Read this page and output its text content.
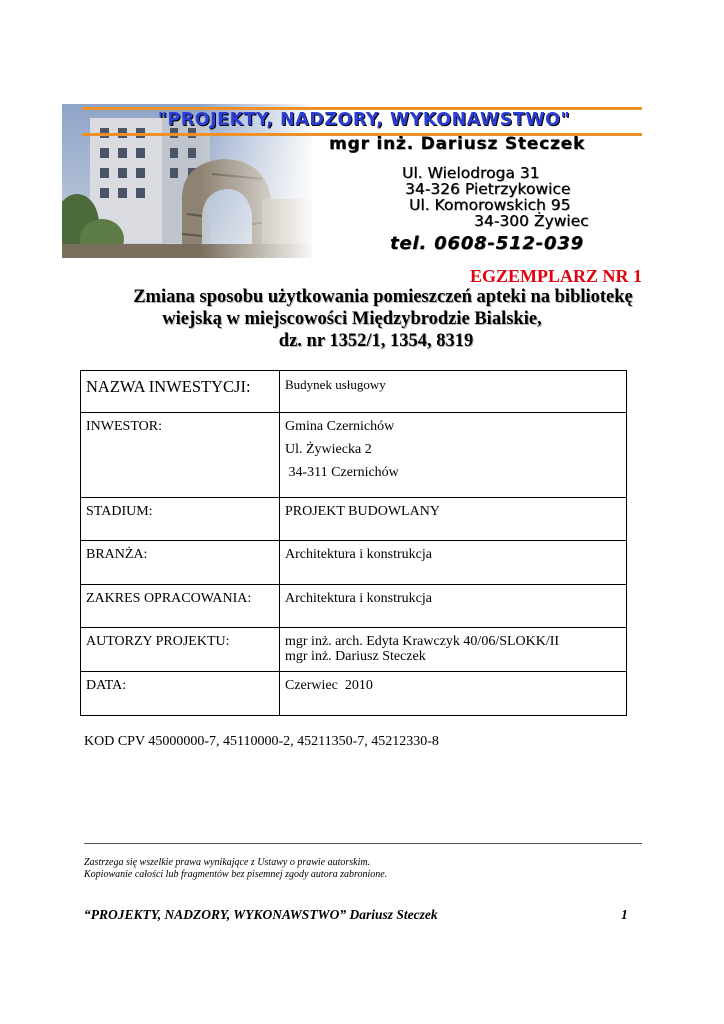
"PROJEKTY, NADZORY, WYKONAWSTWO"
mgr inż. Dariusz Steczek
Ul. Wielodroga 31
34-326 Pietrzykowice
Ul. Komorowskich 95
34-300 Żywiec
tel. 0608-512-039
EGZEMPLARZ NR 1
Zmiana sposobu użytkowania pomieszczeń apteki na bibliotekę
wiejską w miejscowości Międzybrodzie Bialskie,
dz. nr 1352/1, 1354, 8319
NAZWA INWESTYCJI:	Budynek usługowy
INWESTOR:	Gmina Czernichów
Ul. Żywiecka 2
34-311 Czernichów

STADIUM:	PROJEKT BUDOWLANY
BRANŻA:	Architektura i konstrukcja
ZAKRES OPRACOWANIA:	Architektura i konstrukcja
AUTORZY PROJEKTU:	mgr inż. arch. Edyta Krawczyk 40/06/SLOKK/II
mgr inż. Dariusz Steczek

DATA:	Czerwiec  2010
KOD CPV 45000000-7, 45110000-2, 45211350-7, 45212330-8
Zastrzega się wszelkie prawa wynikające z Ustawy o prawie autorskim.
Kopiowanie całości lub fragmentów bez pisemnej zgody autora zabronione.
“PROJEKTY, NADZORY, WYKONAWSTWO” Dariusz Steczek	1
